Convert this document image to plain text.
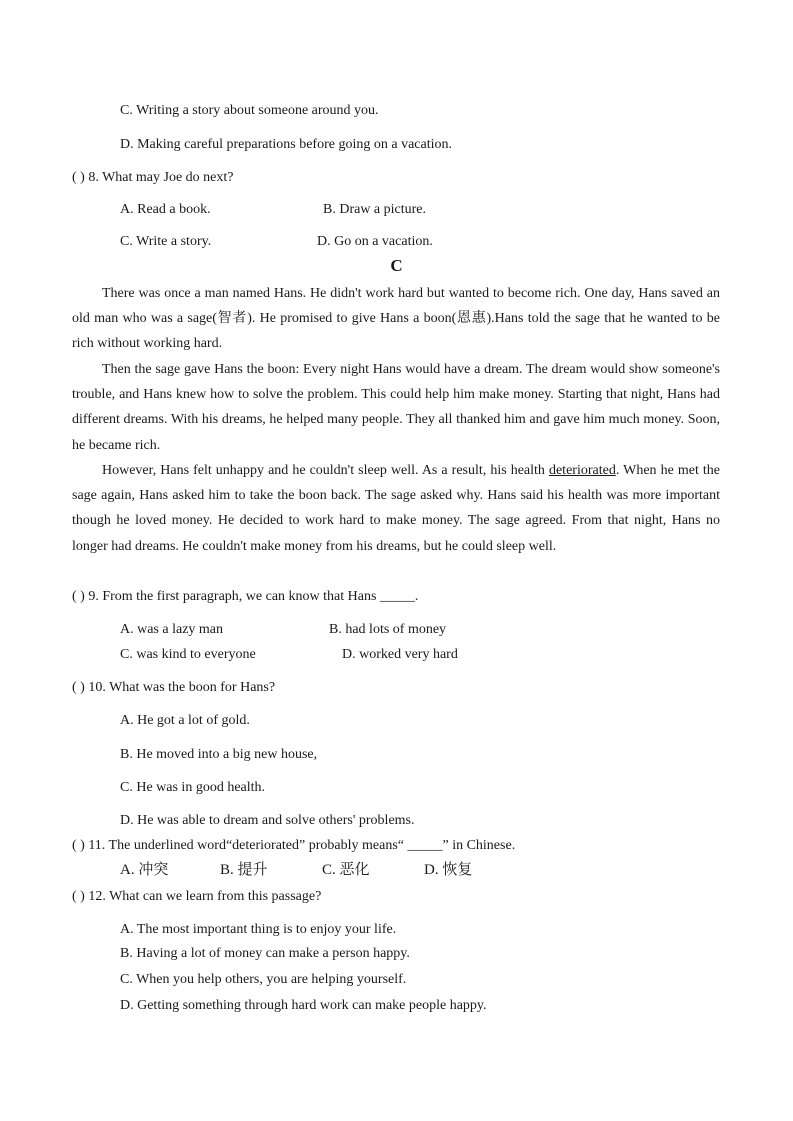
C. Writing a story about someone around you.
D. Making careful preparations before going on a vacation.
( ) 8. What may Joe do next?
A. Read a book.	B. Draw a picture.
C. Write a story.	D. Go on a vacation.
C
There was once a man named Hans. He didn't work hard but wanted to become rich. One day, Hans saved an old man who was a sage(智者). He promised to give Hans a boon(恩惠).Hans told the sage that he wanted to be rich without working hard.
Then the sage gave Hans the boon: Every night Hans would have a dream. The dream would show someone's trouble, and Hans knew how to solve the problem. This could help him make money. Starting that night, Hans had different dreams. With his dreams, he helped many people. They all thanked him and gave him much money. Soon, he became rich.
However, Hans felt unhappy and he couldn't sleep well. As a result, his health deteriorated. When he met the sage again, Hans asked him to take the boon back. The sage asked why. Hans said his health was more important though he loved money. He decided to work hard to make money. The sage agreed. From that night, Hans no longer had dreams. He couldn't make money from his dreams, but he could sleep well.
( ) 9. From the first paragraph, we can know that Hans _____.
A. was a lazy man	B. had lots of money
C. was kind to everyone	D. worked very hard
( ) 10. What was the boon for Hans?
A. He got a lot of gold.
B. He moved into a big new house,
C. He was in good health.
D. He was able to dream and solve others' problems.
( ) 11. The underlined word“deteriorated” probably means“ _____” in Chinese.
A. 冲突	B. 提升	C. 恶化	D. 恢复
( ) 12. What can we learn from this passage?
A. The most important thing is to enjoy your life.
B. Having a lot of money can make a person happy.
C. When you help others, you are helping yourself.
D. Getting something through hard work can make people happy.
